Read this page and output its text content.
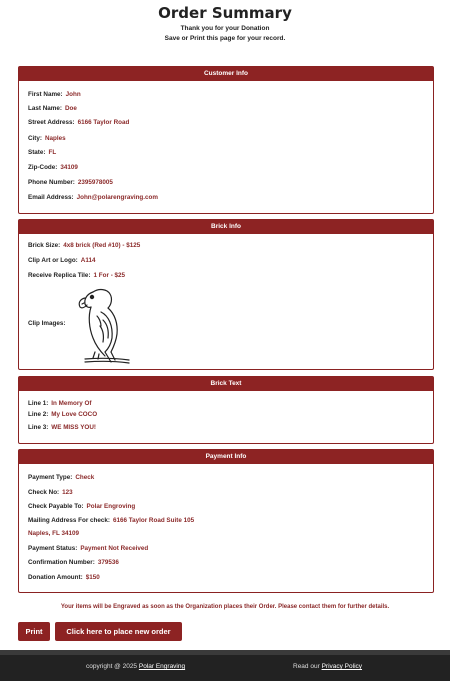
Order Summary
Thank you for your Donation
Save or Print this page for your record.
Customer Info
First Name: John
Last Name: Doe
Street Address: 6166 Taylor Road
City: Naples
State: FL
Zip-Code: 34109
Phone Number: 2395978005
Email Address: John@polarengraving.com
Brick Info
Brick Size: 4x8 brick (Red #10) - $125
Clip Art or Logo: A114
Receive Replica Tile: 1 For - $25
Clip Images:
Brick Text
Line 1: In Memory Of
Line 2: My Love COCO
Line 3: WE MISS YOU!
Payment Info
Payment Type: Check
Check No: 123
Check Payable To: Polar Engroving
Mailing Address For check: 6166 Taylor Road Suite 105
Naples, FL 34109
Payment Status: Payment Not Received
Confirmation Number: 379536
Donation Amount: $150
Your items will be Engraved as soon as the Organization places their Order. Please contact them for further details.
Print	Click here to place new order
copyright @ 2025 Polar Engraving	Read our Privacy Policy
